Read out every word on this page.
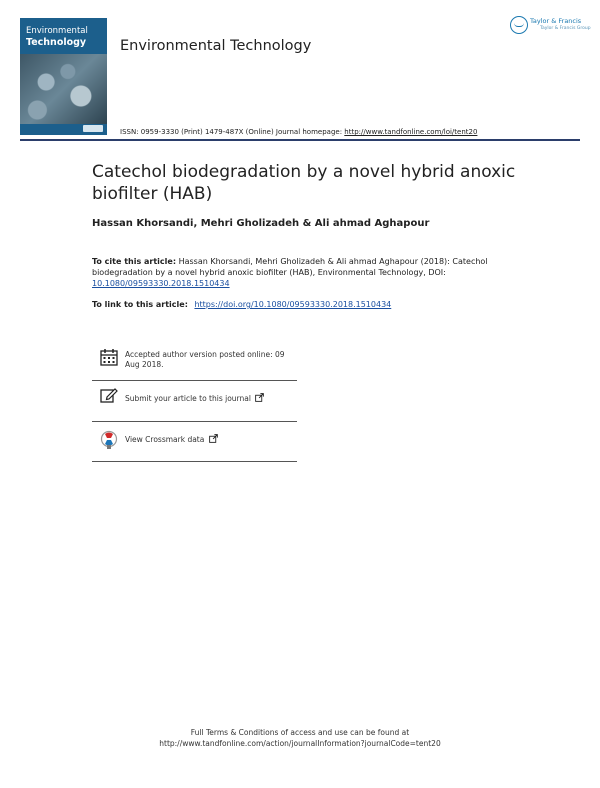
Environmental
Technology Environmental Technology
Taylor & Francis
Taylor & Francis Group
ISSN: 0959-3330 (Print) 1479-487X (Online) Journal homepage: http://www.tandfonline.com/loi/tent20
Catechol biodegradation by a novel hybrid anoxic biofilter (HAB)
Hassan Khorsandi, Mehri Gholizadeh & Ali ahmad Aghapour
To cite this article: Hassan Khorsandi, Mehri Gholizadeh & Ali ahmad Aghapour (2018): Catechol biodegradation by a novel hybrid anoxic biofilter (HAB), Environmental Technology, DOI: 10.1080/09593330.2018.1510434
To link to this article: https://doi.org/10.1080/09593330.2018.1510434
Accepted author version posted online: 09 Aug 2018.
Submit your article to this journal
View Crossmark data
Full Terms & Conditions of access and use can be found at
http://www.tandfonline.com/action/journalInformation?journalCode=tent20
